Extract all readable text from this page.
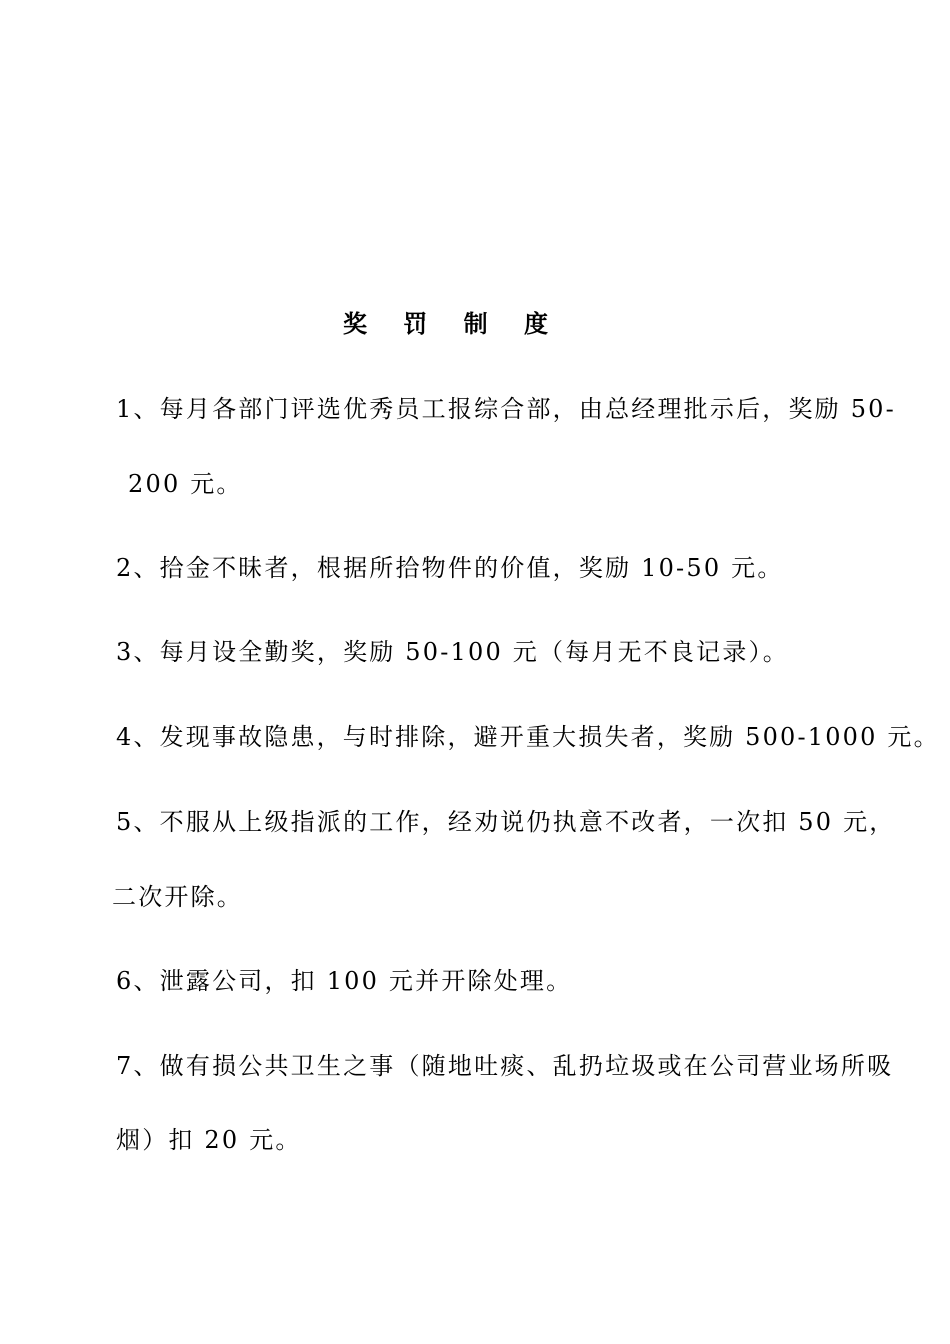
奖 罚 制 度
1、每月各部门评选优秀员工报综合部，由总经理批示后，奖励 50-
200 元。
2、拾金不昧者，根据所拾物件的价值，奖励 10-50 元。
3、每月设全勤奖，奖励 50-100 元（每月无不良记录）。
4、发现事故隐患，与时排除，避开重大损失者，奖励 500-1000 元。
5、不服从上级指派的工作，经劝说仍执意不改者，一次扣 50 元，
二次开除。
6、泄露公司，扣 100 元并开除处理。
7、做有损公共卫生之事（随地吐痰、乱扔垃圾或在公司营业场所吸
烟）扣 20 元。
